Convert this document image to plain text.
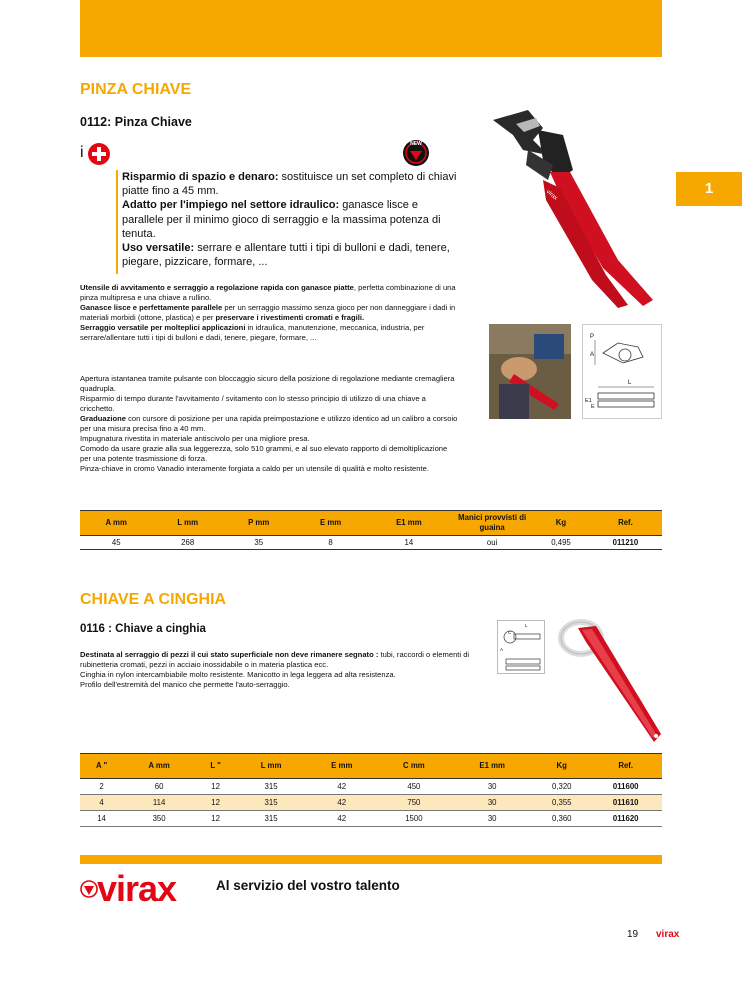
1
PINZA CHIAVE
0112: Pinza Chiave
i	NEW
Risparmio di spazio e denaro: sostituisce un set completo di chiavi piatte fino a 45 mm.
Adatto per l'impiego nel settore idraulico: ganasce lisce e parallele per il minimo gioco di serraggio e la massima potenza di tenuta.
Uso versatile: serrare e allentare tutti i tipi di bulloni e dadi, tenere, piegare, pizzicare, formare, ...

Utensile di avvitamento e serraggio a regolazione rapida con ganasce piatte, perfetta combinazione di una pinza multipresa e una chiave a rullino.

Ganasce lisce e perfettamente parallele per un serraggio massimo senza gioco per non danneggiare i dadi in materiali morbidi (ottone, plastica) e per preservare i rivestimenti cromati e fragili.

Serraggio versatile per molteplici applicazioni in idraulica, manutenzione, meccanica, industria, per serrare/allentare tutti i tipi di bulloni e dadi, tenere, piegare, formare, ...

Apertura istantanea tramite pulsante con bloccaggio sicuro della posizione di regolazione mediante cremagliera quadrupla.

Risparmio di tempo durante l'avvitamento / svitamento con lo stesso principio di utilizzo di una chiave a cricchetto.

Graduazione con cursore di posizione per una rapida preimpostazione e utilizzo identico ad un calibro a corsoio per una misura precisa fino a 40 mm.

Impugnatura rivestita in materiale antiscivolo per una migliore presa.

Comodo da usare grazie alla sua leggerezza, solo 510 grammi, e al suo elevato rapporto di demoltiplicazione per una potente trasmissione di forza.

Pinza-chiave in cromo Vanadio interamente forgiata a caldo per un utensile di qualità e molto resistente.

virax
P
A
L
E1
E
A mm	L mm	P mm	E mm	E1 mm	Manici provvisti di guaina	Kg	Ref.
45	268	35	8	14	oui	0,495	011210
CHIAVE A CINGHIA
0116 : Chiave a cinghia

Destinata al serraggio di pezzi il cui stato superficiale non deve rimanere segnato : tubi, raccordi o elementi di rubinetteria cromati, pezzi in acciaio inossidabile o in materia plastica ecc.

Cinghia in nylon intercambiabile molto resistente. Manicotto in lega leggera ad alta resistenza.

Profilo dell'estremità del manico che permette l'auto-serraggio.

L
C
A
A "	A mm	L "	L mm	E mm	C mm	E1 mm	Kg	Ref.
2	60	12	315	42	450	30	0,320	011600
4	114	12	315	42	750	30	0,355	011610
14	350	12	315	42	1500	30	0,360	011620
virax	Al servizio del vostro talento
19 virax
